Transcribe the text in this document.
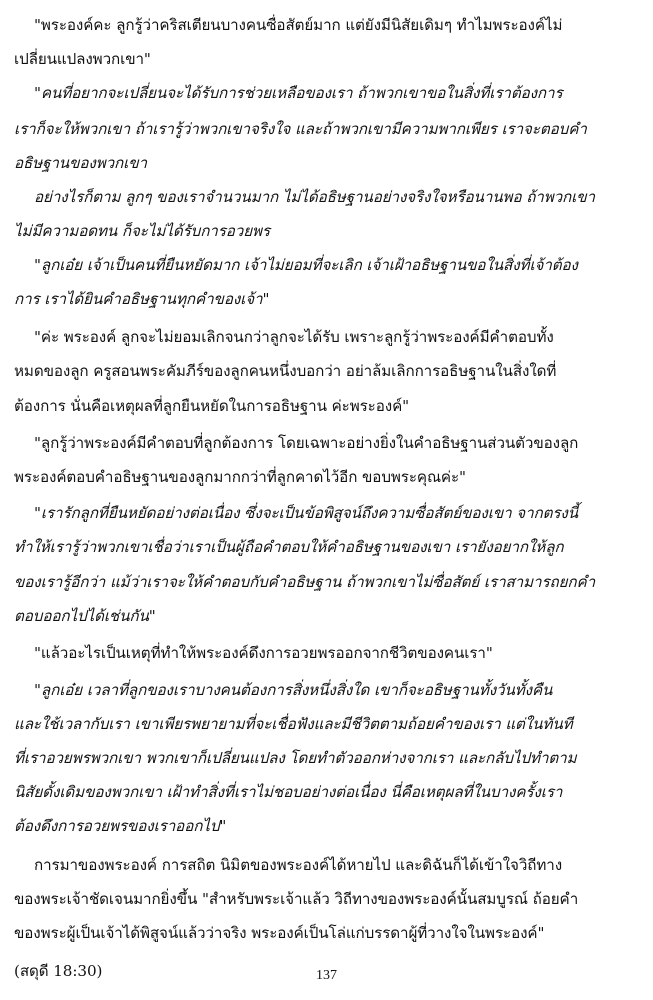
"พระองค์คะ ลูกรู้ว่าคริสเตียนบางคนซื่อสัตย์มาก แต่ยังมีนิสัยเดิมๆ ทำไมพระองค์ไม่
เปลี่ยนแปลงพวกเขา"
"คนที่อยากจะเปลี่ยนจะได้รับการช่วยเหลือของเรา ถ้าพวกเขาขอในสิ่งที่เราต้องการ
เราก็จะให้พวกเขา ถ้าเรารู้ว่าพวกเขาจริงใจ และถ้าพวกเขามีความพากเพียร เราจะตอบคำ
อธิษฐานของพวกเขา
อย่างไรก็ตาม ลูกๆ ของเราจำนวนมาก ไม่ได้อธิษฐานอย่างจริงใจหรือนานพอ ถ้าพวกเขา
ไม่มีความอดทน ก็จะไม่ได้รับการอวยพร
"ลูกเอ๋ย เจ้าเป็นคนที่ยืนหยัดมาก เจ้าไม่ยอมที่จะเลิก เจ้าเฝ้าอธิษฐานขอในสิ่งที่เจ้าต้อง
การ เราได้ยินคำอธิษฐานทุกคำของเจ้า"
"ค่ะ พระองค์ ลูกจะไม่ยอมเลิกจนกว่าลูกจะได้รับ เพราะลูกรู้ว่าพระองค์มีคำตอบทั้ง
หมดของลูก ครูสอนพระคัมภีร์ของลูกคนหนึ่งบอกว่า อย่าล้มเลิกการอธิษฐานในสิ่งใดที่
ต้องการ นั่นคือเหตุผลที่ลูกยืนหยัดในการอธิษฐาน ค่ะพระองค์"
"ลูกรู้ว่าพระองค์มีคำตอบที่ลูกต้องการ โดยเฉพาะอย่างยิ่งในคำอธิษฐานส่วนตัวของลูก
พระองค์ตอบคำอธิษฐานของลูกมากกว่าที่ลูกคาดไว้อีก ขอบพระคุณค่ะ"
"เรารักลูกที่ยืนหยัดอย่างต่อเนื่อง ซึ่งจะเป็นข้อพิสูจน์ถึงความซื่อสัตย์ของเขา จากตรงนี้
ทำให้เรารู้ว่าพวกเขาเชื่อว่าเราเป็นผู้ถือคำตอบให้คำอธิษฐานของเขา เรายังอยากให้ลูก
ของเรารู้อีกว่า แม้ว่าเราจะให้คำตอบกับคำอธิษฐาน ถ้าพวกเขาไม่ซื่อสัตย์ เราสามารถยกคำ
ตอบออกไปได้เช่นกัน"
"แล้วอะไรเป็นเหตุที่ทำให้พระองค์ดึงการอวยพรออกจากชีวิตของคนเรา"
"ลูกเอ๋ย เวลาที่ลูกของเราบางคนต้องการสิ่งหนึ่งสิ่งใด เขาก็จะอธิษฐานทั้งวันทั้งคืน
และใช้เวลากับเรา เขาเพียรพยายามที่จะเชื่อฟังและมีชีวิตตามถ้อยคำของเรา แต่ในทันที
ที่เราอวยพรพวกเขา พวกเขาก็เปลี่ยนแปลง โดยทำตัวออกห่างจากเรา และกลับไปทำตาม
นิสัยดั้งเดิมของพวกเขา เฝ้าทำสิ่งที่เราไม่ชอบอย่างต่อเนื่อง นี่คือเหตุผลที่ในบางครั้งเรา
ต้องดึงการอวยพรของเราออกไป"
การมาของพระองค์ การสถิต นิมิตของพระองค์ได้หายไป และดิฉันก็ได้เข้าใจวิถีทาง
ของพระเจ้าชัดเจนมากยิ่งขึ้น "สำหรับพระเจ้าแล้ว วิถีทางของพระองค์นั้นสมบูรณ์ ถ้อยคำ
ของพระผู้เป็นเจ้าได้พิสูจน์แล้วว่าจริง พระองค์เป็นโล่แก่บรรดาผู้ที่วางใจในพระองค์"
(สดุดี 18:30)	137
